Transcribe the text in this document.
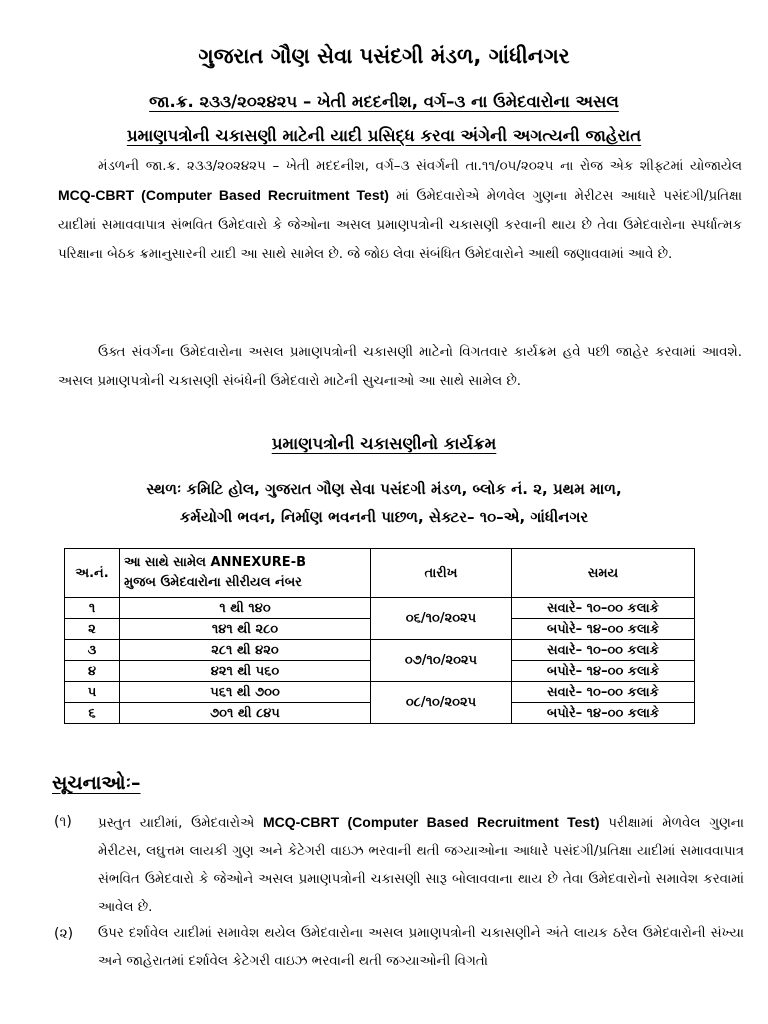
ગુજરાત ગૌણ સેવા પસંદગી મંડળ, ગાંધીનગર
જા.ક્ર. ૨૩૩/૨૦૨૪૨૫ – ખેતી મદદનીશ, વર્ગ–૩ ના ઉમેદવારોના અસલ
પ્રમાણપત્રોની ચકાસણી માટેની યાદી પ્રસિદ્ધ કરવા અંગેની અગત્યની જાહેરાત
મંડળની જા.ક્ર. ૨૩૩/૨૦૨૪૨૫ – ખેતી મદદનીશ, વર્ગ–૩ સંવર્ગની તા.૧૧/૦૫/૨૦૨૫ ના રોજ એક શીફ્ટમાં યોજાયેલ MCQ-CBRT (Computer Based Recruitment Test) માં ઉમેદવારોએ મેળવેલ ગુણના મેરીટસ આધારે પસંદગી/પ્રતિક્ષા યાદીમાં સમાવવાપાત્ર સંભવિત ઉમેદવારો કે જેઓના અસલ પ્રમાણપત્રોની ચકાસણી કરવાની થાય છે તેવા ઉમેદવારોના સ્પર્ધાત્મક પરિક્ષાના બેઠક ક્રમાનુસારની યાદી આ સાથે સામેલ છે. જે જોઇ લેવા સંબંધિત ઉમેદવારોને આથી જણાવવામાં આવે છે.
ઉક્ત સંવર્ગના ઉમેદવારોના અસલ પ્રમાણપત્રોની ચકાસણી માટેનો વિગતવાર કાર્યક્રમ હવે પછી જાહેર કરવામાં આવશે. અસલ પ્રમાણપત્રોની ચકાસણી સંબંધેની ઉમેદવારો માટેની સુચનાઓ આ સાથે સામેલ છે.
પ્રમાણપત્રોની ચકાસણીનો કાર્યક્રમ
સ્થળઃ કમિટિ હોલ, ગુજરાત ગૌણ સેવા પસંદગી મંડળ, બ્લોક નં. ૨, પ્રથમ માળ,
કર્મયોગી ભવન, નિર્માણ ભવનની પાછળ, સેક્ટર– ૧૦–એ, ગાંધીનગર
અ.નં.	આ સાથે સામેલ ANNEXURE-B
મુજબ ઉમેદવારોના સીરીયલ નંબર	તારીખ	સમય
૧	૧ થી ૧૪૦	૦૬/૧૦/૨૦૨૫	સવારે– ૧૦–૦૦ કલાકે
૨	૧૪૧ થી ૨૮૦		બપોરે– ૧૪–૦૦ કલાકે
૩	૨૮૧ થી ૪૨૦	૦૭/૧૦/૨૦૨૫	સવારે– ૧૦–૦૦ કલાકે
૪	૪૨૧ થી ૫૬૦		બપોરે– ૧૪–૦૦ કલાકે
૫	૫૬૧ થી ૭૦૦	૦૮/૧૦/૨૦૨૫	સવારે– ૧૦–૦૦ કલાકે
૬	૭૦૧ થી ૮૪૫		બપોરે– ૧૪–૦૦ કલાકે
સૂચનાઓઃ–
(૧) પ્રસ્તુત યાદીમાં, ઉમેદવારોએ MCQ-CBRT (Computer Based Recruitment Test) પરીક્ષામાં મેળવેલ ગુણના મેરીટસ, લઘુત્તમ લાયકી ગુણ અને કેટેગરી વાઇઝ ભરવાની થતી જગ્યાઓના આધારે પસંદગી/પ્રતિક્ષા યાદીમાં સમાવવાપાત્ર સંભવિત ઉમેદવારો કે જેઓને અસલ પ્રમાણપત્રોની ચકાસણી સારૂ બોલાવવાના થાય છે તેવા ઉમેદવારોનો સમાવેશ કરવામાં આવેલ છે.
(૨) ઉપર દર્શાવેલ યાદીમાં સમાવેશ થયેલ ઉમેદવારોના અસલ પ્રમાણપત્રોની ચકાસણીને અંતે લાયક ઠરેલ ઉમેદવારોની સંખ્યા અને જાહેરાતમાં દર્શાવેલ કેટેગરી વાઇઝ ભરવાની થતી જગ્યાઓની વિગતો
